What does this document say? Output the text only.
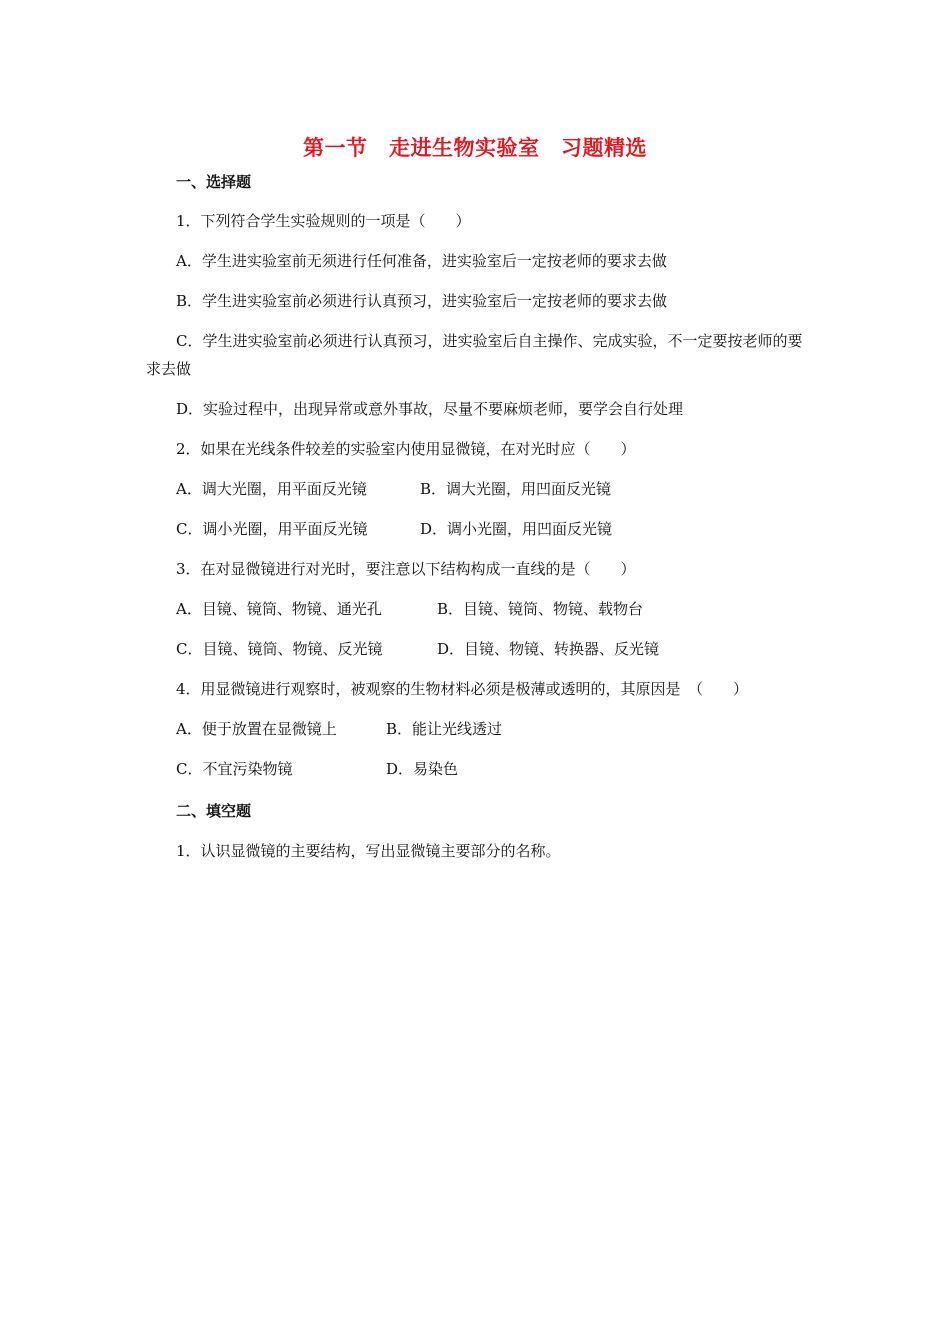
第一节　走进生物实验室　习题精选
一、选择题
1．下列符合学生实验规则的一项是（　　）
A．学生进实验室前无须进行任何准备，进实验室后一定按老师的要求去做
B．学生进实验室前必须进行认真预习，进实验室后一定按老师的要求去做
C．学生进实验室前必须进行认真预习，进实验室后自主操作、完成实验，不一定要按老师的要求去做
D．实验过程中，出现异常或意外事故，尽量不要麻烦老师，要学会自行处理
2．如果在光线条件较差的实验室内使用显微镜，在对光时应（　　）
A．调大光圈，用平面反光镜	B．调大光圈，用凹面反光镜
C．调小光圈，用平面反光镜	D．调小光圈，用凹面反光镜
3．在对显微镜进行对光时，要注意以下结构构成一直线的是（　　）
A．目镜、镜筒、物镜、通光孔	B．目镜、镜筒、物镜、载物台
C．目镜、镜筒、物镜、反光镜	D．目镜、物镜、转换器、反光镜
4．用显微镜进行观察时，被观察的生物材料必须是极薄或透明的，其原因是　（　　）
A．便于放置在显微镜上	B．能让光线透过
C．不宜污染物镜	D．易染色
二、填空题
1．认识显微镜的主要结构，写出显微镜主要部分的名称。
